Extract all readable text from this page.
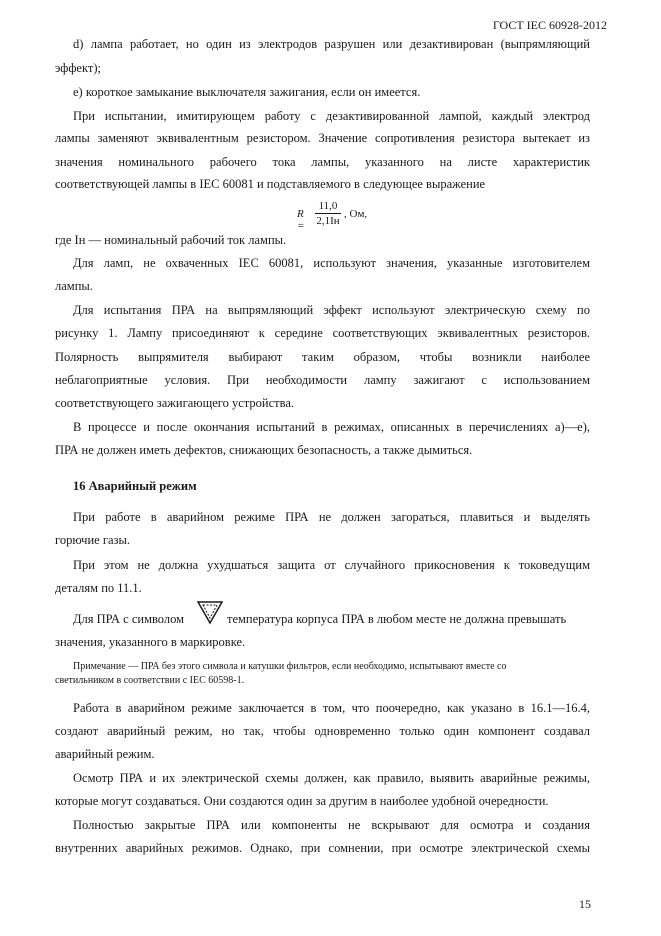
ГОСТ IEC 60928-2012
d) лампа работает, но один из электродов разрушен или дезактивирован (выпрямляющий
эффект);
е) короткое замыкание выключателя зажигания, если он имеется.
При испытании, имитирующем работу с дезактивированной лампой, каждый электрод
лампы заменяют эквивалентным резистором. Значение сопротивления резистора вытекает из
значения номинального рабочего тока лампы, указанного на листе характеристик
соответствующей лампы в IEC 60081 и подставляемого в следующее выражение
R =
11,0
2,1Iн
, Ом,
где Iн — номинальный рабочий ток лампы.
Для ламп, не охваченных IEC 60081, используют значения, указанные изготовителем
лампы.
Для испытания ПРА на выпрямляющий эффект используют электрическую схему по
рисунку 1. Лампу присоединяют к середине соответствующих эквивалентных резисторов.
Полярность выпрямителя выбирают таким образом, чтобы возникли наиболее
неблагоприятные условия. При необходимости лампу зажигают с использованием
соответствующего зажигающего устройства.
В процессе и после окончания испытаний в режимах, описанных в перечислениях а)—е),
ПРА не должен иметь дефектов, снижающих безопасность, а также дымиться.
16 Аварийный режим
При работе в аварийном режиме ПРА не должен загораться, плавиться и выделять
горючие газы.
При этом не должна ухудшаться защита от случайного прикосновения к токоведущим
деталям по 11.1.
Для ПРА с символом	температура корпуса ПРА в любом месте не должна превышать
значения, указанного в маркировке.
Примечание — ПРА без этого символа и катушки фильтров, если необходимо, испытывают вместе со
светильником в соответствии с IEC 60598-1.
Работа в аварийном режиме заключается в том, что поочередно, как указано в 16.1—16.4,
создают аварийный режим, но так, чтобы одновременно только один компонент создавал
аварийный режим.
Осмотр ПРА и их электрической схемы должен, как правило, выявить аварийные режимы,
которые могут создаваться. Они создаются один за другим в наиболее удобной очередности.
Полностью закрытые ПРА или компоненты не вскрывают для осмотра и создания
внутренних аварийных режимов. Однако, при сомнении, при осмотре электрической схемы
15
